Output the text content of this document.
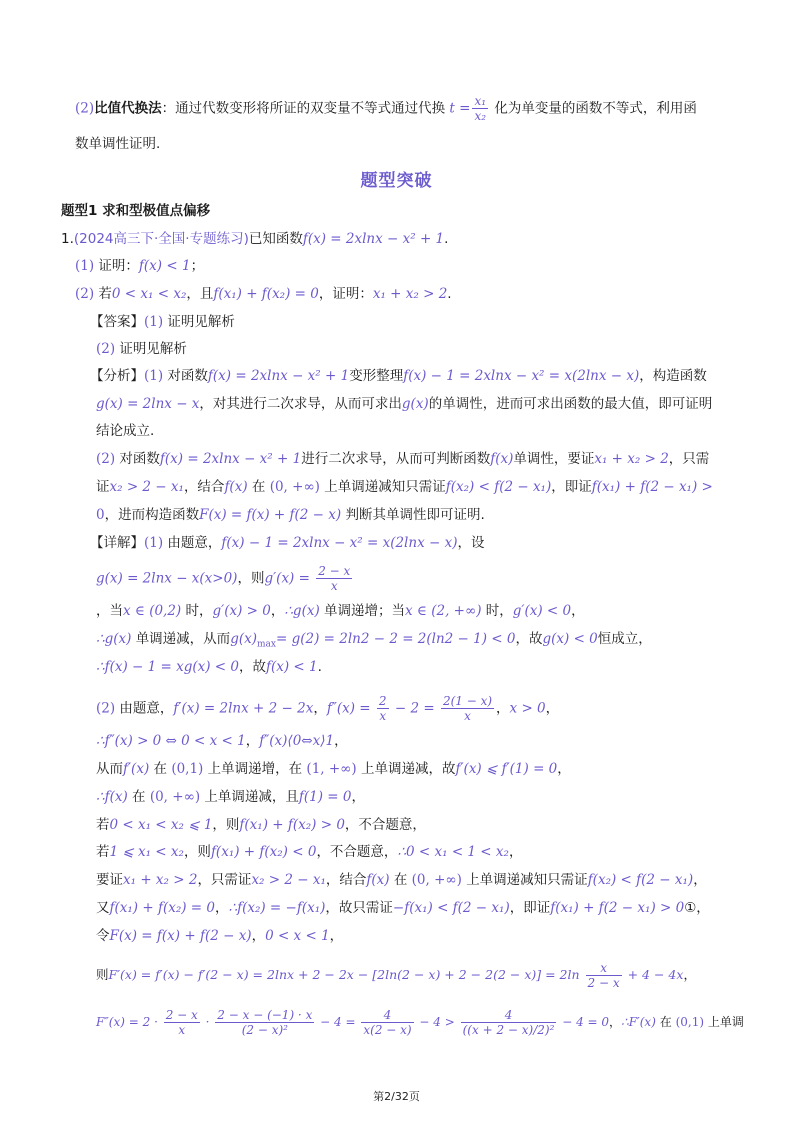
(2)比值代换法：通过代数变形将所证的双变量不等式通过代换 $t = \frac{\text{x₁}}{\text{x₂}}$ 化为单变量的函数不等式，利用函
数单调性证明.
题型突破
题型1 求和型极值点偏移
1.(2024高三下·全国·专题练习)已知函数f(x) = 2xlnx − x² + 1.
(1) 证明：f(x) < 1；
(2) 若0 < x₁ < x₂，且f(x₁) + f(x₂) = 0，证明：x₁ + x₂ > 2.
【答案】(1) 证明见解析
(2) 证明见解析
【分析】(1) 对函数f(x) = 2xlnx − x² + 1变形整理f(x) − 1 = 2xlnx − x² = x(2lnx − x)，构造函数
g(x) = 2lnx − x，对其进行二次求导，从而可求出g(x)的单调性，进而可求出函数的最大值，即可证明
结论成立.
(2) 对函数f(x) = 2xlnx − x² + 1进行二次求导，从而可判断函数f(x)单调性，要证x₁ + x₂ > 2，只需
证x₂ > 2 − x₁，结合f(x) 在 (0, +∞) 上单调递减知只需证f(x₂) < f(2 − x₁)，即证f(x₁) + f(2 − x₁) >
0，进而构造函数F(x) = f(x) + f(2 − x) 判断其单调性即可证明.
【详解】(1) 由题意，f(x) − 1 = 2xlnx − x² = x(2lnx − x)，设
g(x) = 2lnx − x(x>0)，则$g'(x) = \frac{2 - x}{x}$
，当x ∈ (0,2) 时，g′(x) > 0，∴g(x) 单调递增；当x ∈ (2, +∞) 时，g′(x) < 0，
∴g(x) 单调递减，从而$g(x)_{max}= g(2) = 2\ln 2 - 2 = 2(\ln 2 - 1) < 0$，故g(x) < 0恒成立，
∴f(x) − 1 = xg(x) < 0，故f(x) < 1.
(2) 由题意，f′(x) = 2lnx + 2 − 2x，$f''(x) = \frac{2}{x} - 2 = \frac{2(1 - x)}{x}$ ，x > 0，
∴f″(x) > 0 ⇔ 0 < x < 1，f″(x)⟨0⇔x⟩1，
从而f′(x) 在 (0,1) 上单调递增，在 (1, +∞) 上单调递减，故f′(x) ⩽ f′(1) = 0，
∴f(x) 在 (0, +∞) 上单调递减，且f(1) = 0，
若0 < x₁ < x₂ ⩽ 1，则f(x₁) + f(x₂) > 0，不合题意，
若1 ⩽ x₁ < x₂，则f(x₁) + f(x₂) < 0，不合题意，∴0 < x₁ < 1 < x₂，
要证x₁ + x₂ > 2，只需证x₂ > 2 − x₁，结合f(x) 在 (0, +∞) 上单调递减知只需证f(x₂) < f(2 − x₁)，
又f(x₁) + f(x₂) = 0，∴f(x₂) = −f(x₁)，故只需证−f(x₁) < f(2 − x₁)，即证f(x₁) + f(2 − x₁) > 0①，
令F(x) = f(x) + f(2 − x)，0 < x < 1，
则$F'(x) = f'(x) - f'(2 - x) = 2\ln x + 2 - 2x - [2\ln(2 - x) + 2 - 2(2 - x)] = 2\ln \frac{x}{2 - x} + 4 - 4x$，
$F''(x) = 2 \cdot \frac{2 - x}{x} \cdot \frac{2 - x - (-1) \cdot x}{\text{(2 − x)²}} - 4 = \frac{4}{x(2 - x)} - 4 > \frac{4}{\text{((x + 2 − x)/2)²}} - 4 = 0$，∴F′(x) 在 (0,1) 上单调
第2/32页
